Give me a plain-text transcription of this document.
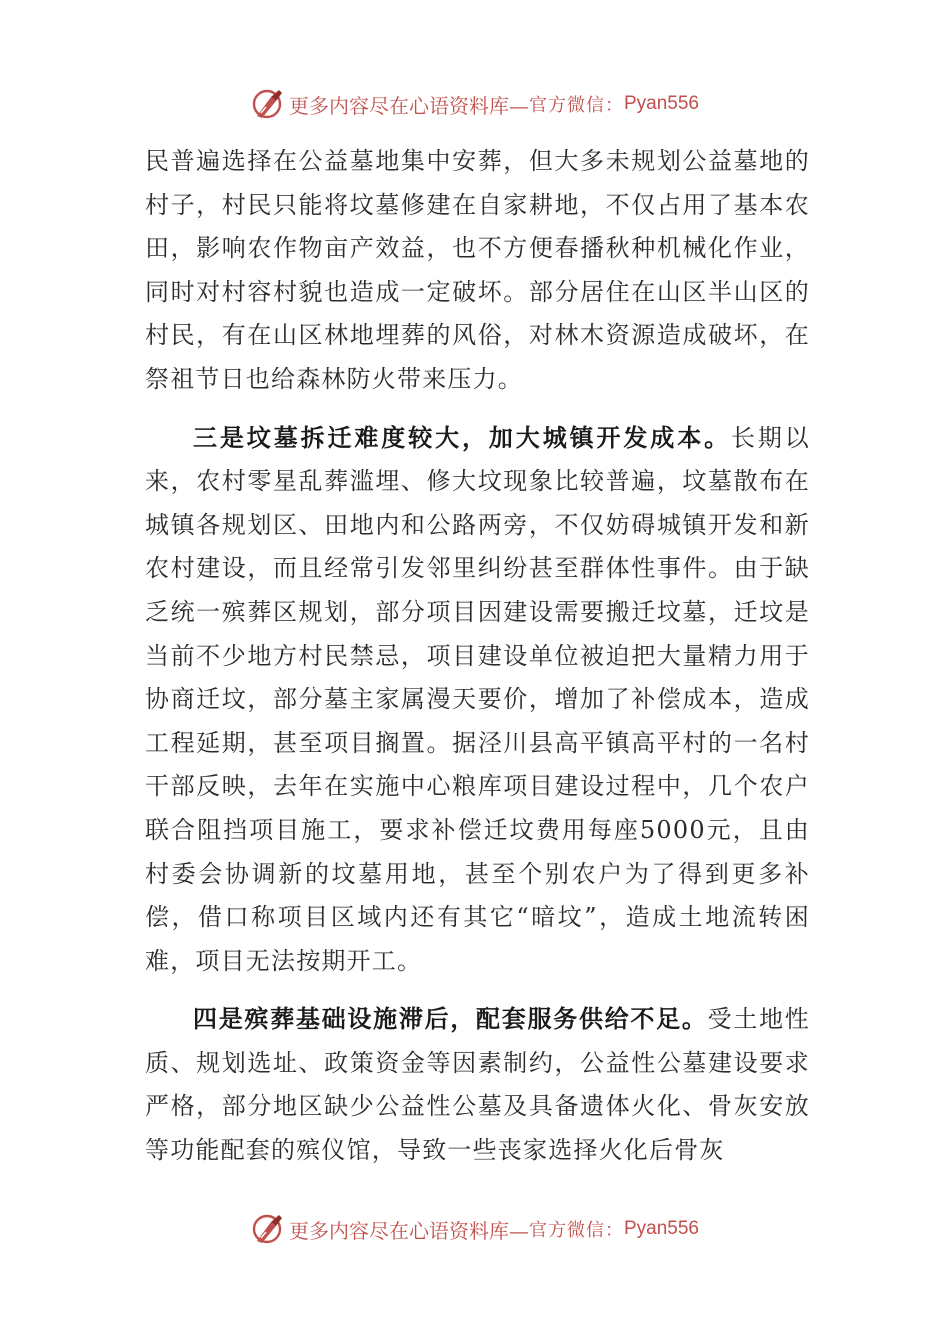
更多内容尽在心语资料库— 官方微信： Pyan556

民普遍选择在公益墓地集中安葬，但大多未规划公益墓地的村子，村民只能将坟墓修建在自家耕地，不仅占用了基本农田，影响农作物亩产效益，也不方便春播秋种机械化作业，同时对村容村貌也造成一定破坏。部分居住在山区半山区的村民，有在山区林地埋葬的风俗，对林木资源造成破坏，在祭祖节日也给森林防火带来压力。

三是坟墓拆迁难度较大，加大城镇开发成本。长期以来，农村零星乱葬滥埋、修大坟现象比较普遍，坟墓散布在城镇各规划区、田地内和公路两旁，不仅妨碍城镇开发和新农村建设，而且经常引发邻里纠纷甚至群体性事件。由于缺乏统一殡葬区规划，部分项目因建设需要搬迁坟墓，迁坟是当前不少地方村民禁忌，项目建设单位被迫把大量精力用于协商迁坟，部分墓主家属漫天要价，增加了补偿成本，造成工程延期，甚至项目搁置。据泾川县高平镇高平村的一名村干部反映，去年在实施中心粮库项目建设过程中，几个农户联合阻挡项目施工，要求补偿迁坟费用每座5000元，且由村委会协调新的坟墓用地，甚至个别农户为了得到更多补偿，借口称项目区域内还有其它“暗坟”，造成土地流转困难，项目无法按期开工。

四是殡葬基础设施滞后，配套服务供给不足。受土地性质、规划选址、政策资金等因素制约，公益性公墓建设要求严格，部分地区缺少公益性公墓及具备遗体火化、骨灰安放等功能配套的殡仪馆，导致一些丧家选择火化后骨灰

更多内容尽在心语资料库— 官方微信： Pyan556
